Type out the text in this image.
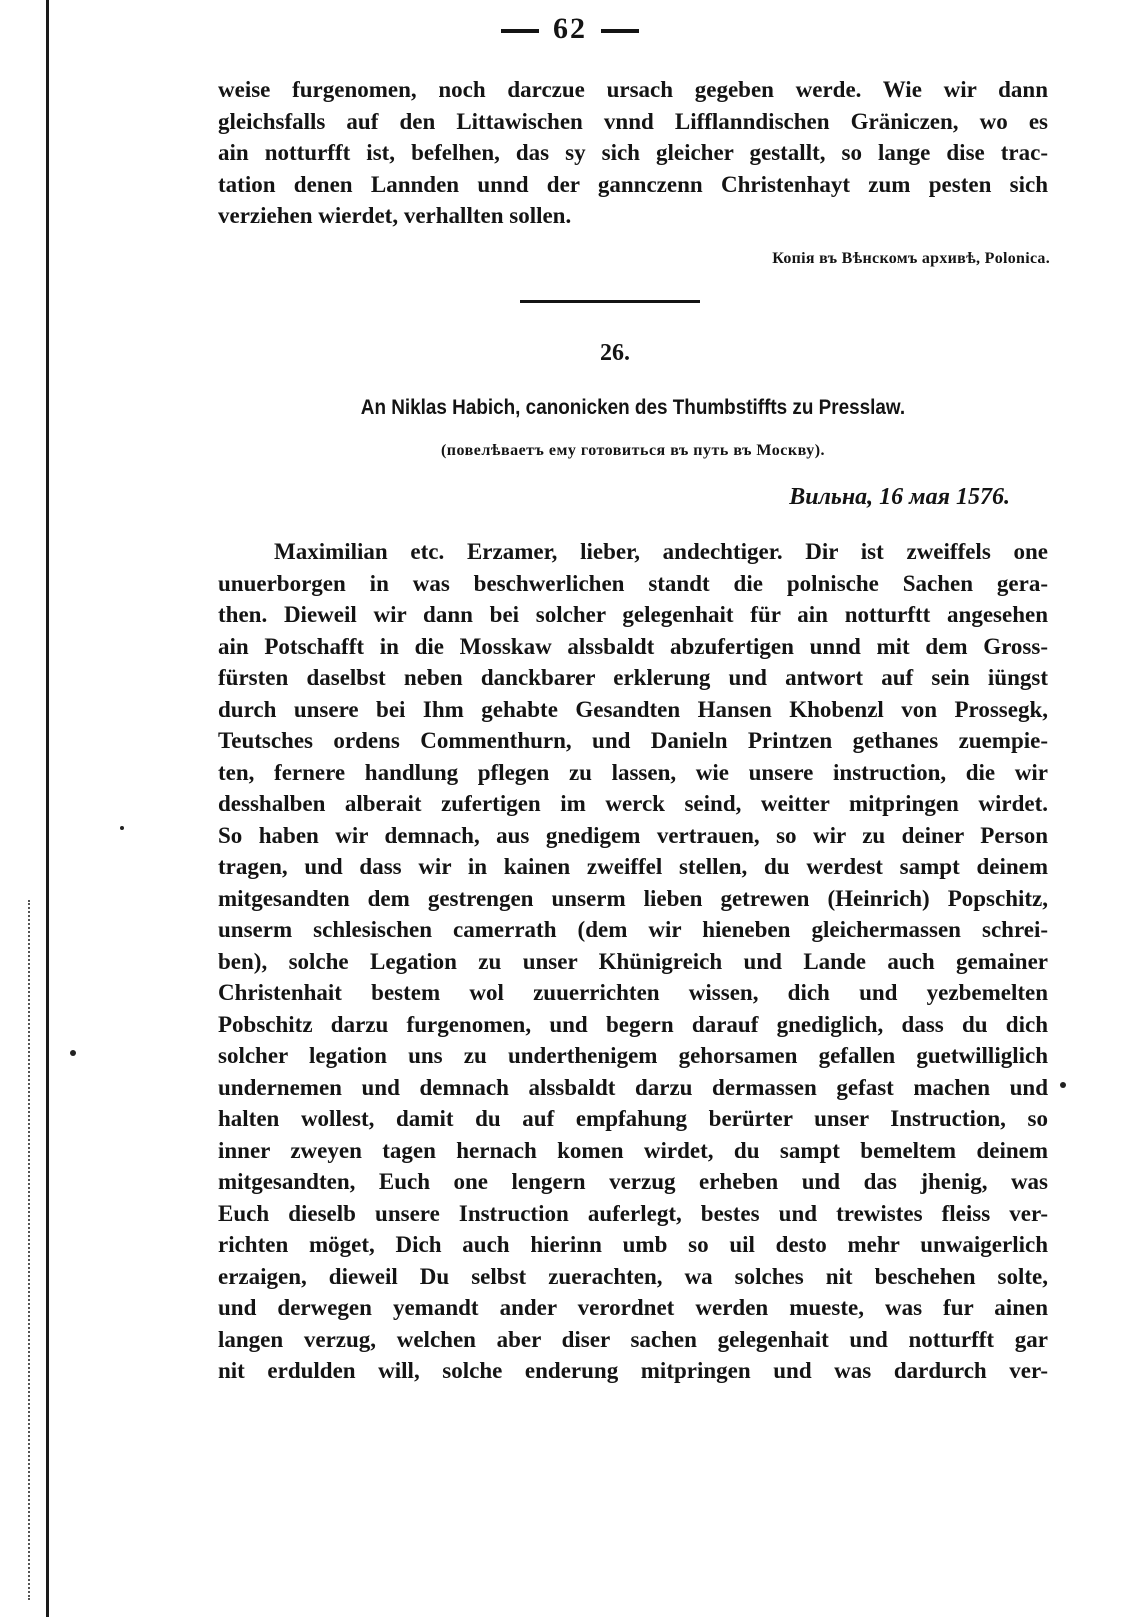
62

weise furgenomen, noch darczue ursach gegeben werde. Wie wir dann
gleichsfalls auf den Littawischen vnnd Lifflanndischen Gräniczen, wo es
ain notturfft ist, befelhen, das sy sich gleicher gestallt, so lange dise trac-
tation denen Lannden unnd der gannczenn Christenhayt zum pesten sich
verziehen wierdet, verhallten sollen.

Копія въ Вѣнскомъ архивѣ, Polonica.
26.
An Niklas Habich, canonicken des Thumbstiffts zu Presslaw.
(повелѣваетъ ему готовиться въ путь въ Москву).
Вильна, 16 мая 1576.

Maximilian etc. Erzamer, lieber, andechtiger. Dir ist zweiffels one
unuerborgen in was beschwerlichen standt die polnische Sachen gera-
then. Dieweil wir dann bei solcher gelegenhait für ain notturftt angesehen
ain Potschafft in die Mosskaw alssbaldt abzufertigen unnd mit dem Gross-
fürsten daselbst neben danckbarer erklerung und antwort auf sein iüngst
durch unsere bei Ihm gehabte Gesandten Hansen Khobenzl von Prossegk,
Teutsches ordens Commenthurn, und Danieln Printzen gethanes zuempie-
ten, fernere handlung pflegen zu lassen, wie unsere instruction, die wir
desshalben alberait zufertigen im werck seind, weitter mitpringen wirdet.
So haben wir demnach, aus gnedigem vertrauen, so wir zu deiner Person
tragen, und dass wir in kainen zweiffel stellen, du werdest sampt deinem
mitgesandten dem gestrengen unserm lieben getrewen (Heinrich) Popschitz,
unserm schlesischen camerrath (dem wir hieneben gleichermassen schrei-
ben), solche Legation zu unser Khünigreich und Lande auch gemainer
Christenhait bestem wol zuuerrichten wissen, dich und yezbemelten
Pobschitz darzu furgenomen, und begern darauf gnediglich, dass du dich
solcher legation uns zu underthenigem gehorsamen gefallen guetwilliglich
undernemen und demnach alssbaldt darzu dermassen gefast machen und
halten wollest, damit du auf empfahung berürter unser Instruction, so
inner zweyen tagen hernach komen wirdet, du sampt bemeltem deinem
mitgesandten, Euch one lengern verzug erheben und das jhenig, was
Euch dieselb unsere Instruction auferlegt, bestes und trewistes fleiss ver-
richten möget, Dich auch hierinn umb so uil desto mehr unwaigerlich
erzaigen, dieweil Du selbst zuerachten, wa solches nit beschehen solte,
und derwegen yemandt ander verordnet werden mueste, was fur ainen
langen verzug, welchen aber diser sachen gelegenhait und notturfft gar
nit erdulden will, solche enderung mitpringen und was dardurch ver-
